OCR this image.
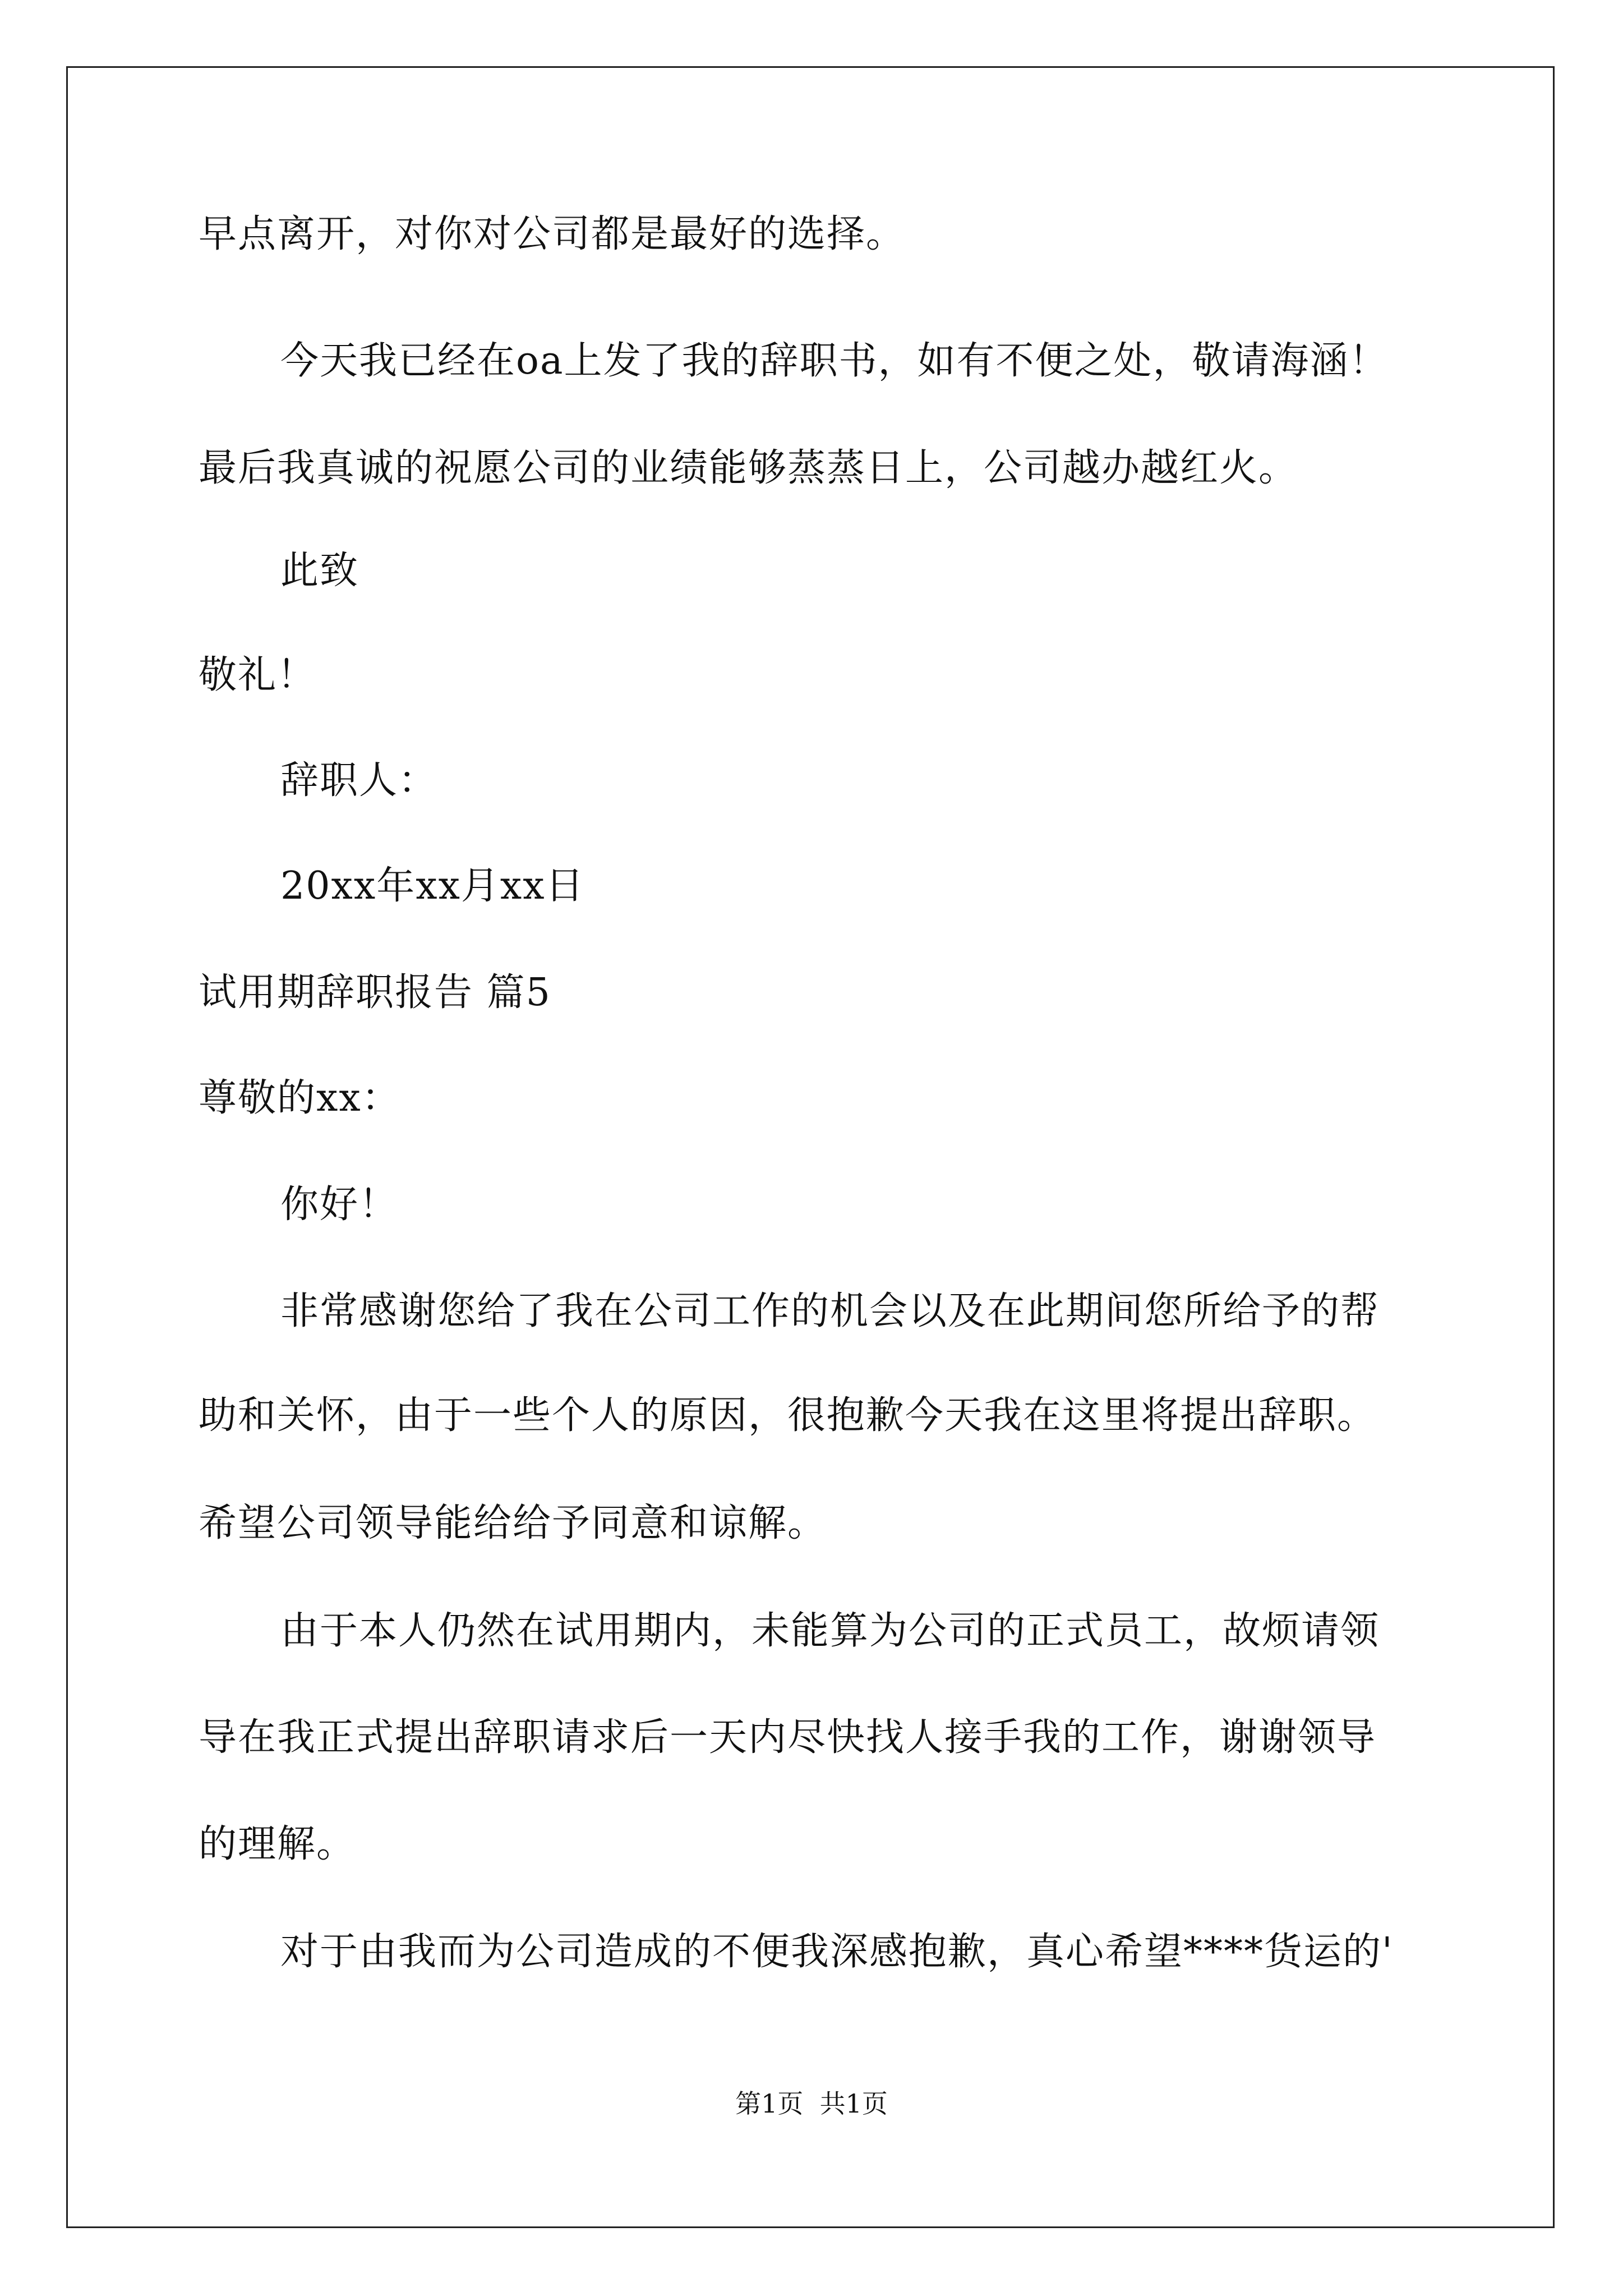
早点离开，对你对公司都是最好的选择。
今天我已经在oa上发了我的辞职书，如有不便之处，敬请海涵！
最后我真诚的祝愿公司的业绩能够蒸蒸日上，公司越办越红火。
此致
敬礼！
辞职人：
20xx年xx月xx日
试用期辞职报告 篇5
尊敬的xx：
你好！
非常感谢您给了我在公司工作的机会以及在此期间您所给予的帮
助和关怀，由于一些个人的原因，很抱歉今天我在这里将提出辞职。
希望公司领导能给给予同意和谅解。
由于本人仍然在试用期内，未能算为公司的正式员工，故烦请领
导在我正式提出辞职请求后一天内尽快找人接手我的工作，谢谢领导
的理解。
对于由我而为公司造成的不便我深感抱歉，真心希望****货运的'
第1页  共1页
